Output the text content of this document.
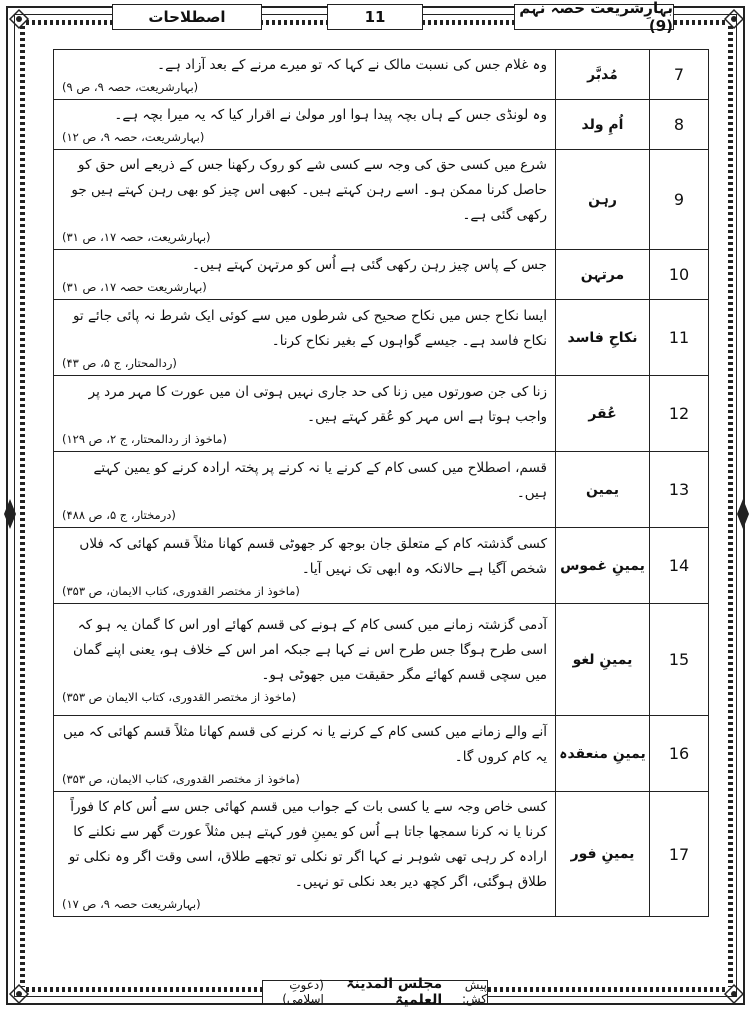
اصطلاحات	11	بہارِشریعت حصہ نہم (9)
وہ غلام جس کی نسبت مالک نے کہا کہ تو میرے مرنے کے بعد آزاد ہے۔
(بہارشریعت، حصہ ۹، ص ۹)	مُدبَّر	7

وہ لونڈی جس کے ہاں بچہ پیدا ہوا اور مولیٰ نے اقرار کیا کہ یہ میرا بچہ ہے۔
(بہارشریعت، حصہ ۹، ص ۱۲)	اُمِ ولد	8

شرع میں کسی حق کی وجہ سے کسی شے کو روک رکھنا جس کے ذریعے اس حق کو حاصل کرنا ممکن ہو۔ اسے رہن کہتے ہیں۔ کبھی اس چیز کو بھی رہن کہتے ہیں جو رکھی گئی ہے۔
(بہارشریعت، حصہ ۱۷، ص ۳۱)	رہن	9

جس کے پاس چیز رہن رکھی گئی ہے اُس کو مرتہن کہتے ہیں۔
(بہارشریعت حصہ ۱۷، ص ۳۱)	مرتہن	10

ایسا نکاح جس میں نکاح صحیح کی شرطوں میں سے کوئی ایک شرط نہ پائی جائے تو نکاح فاسد ہے۔ جیسے گواہوں کے بغیر نکاح کرنا۔
(ردالمحتار، ج ۵، ص ۴۳)	نکاحِ فاسد	11

زنا کی جن صورتوں میں زنا کی حد جاری نہیں ہوتی ان میں عورت کا مہر مرد پر واجب ہوتا ہے اس مہر کو عُقر کہتے ہیں۔
(ماخوذ از ردالمحتار، ج ۲، ص ۱۲۹)	عُقر	12

قسم، اصطلاح میں کسی کام کے کرنے یا نہ کرنے پر پختہ ارادہ کرنے کو یمین کہتے ہیں۔
(درمختار، ج ۵، ص ۴۸۸)	یمین	13

کسی گذشتہ کام کے متعلق جان بوجھ کر جھوٹی قسم کھانا مثلاً قسم کھائی کہ فلاں شخص آگیا ہے حالانکہ وہ ابھی تک نہیں آیا۔
(ماخوذ از مختصر القدوری، کتاب الایمان، ص ۳۵۳)	یمینِ غموس	14

آدمی گزشتہ زمانے میں کسی کام کے ہونے کی قسم کھائے اور اس کا گمان یہ ہو کہ اسی طرح ہوگا جس طرح اس نے کہا ہے جبکہ امر اس کے خلاف ہو، یعنی اپنے گمان میں سچی قسم کھائے مگر حقیقت میں جھوٹی ہو۔
(ماخوذ از مختصر القدوری، کتاب الایمان ص ۳۵۳)	یمینِ لغو	15

آنے والے زمانے میں کسی کام کے کرنے یا نہ کرنے کی قسم کھانا مثلاً قسم کھائی کہ میں یہ کام کروں گا۔
(ماخوذ از مختصر القدوری، کتاب الایمان، ص ۳۵۳)	یمینِ منعقدہ	16

کسی خاص وجہ سے یا کسی بات کے جواب میں قسم کھائی جس سے اُس کام کا فوراً کرنا یا نہ کرنا سمجھا جاتا ہے اُس کو یمینِ فور کہتے ہیں مثلاً عورت گھر سے نکلنے کا ارادہ کر رہی تھی شوہر نے کہا اگر تو نکلی تو تجھے طلاق، اسی وقت اگر وہ نکلی تو طلاق ہوگئی، اگر کچھ دیر بعد نکلی تو نہیں۔
(بہارشریعت حصہ ۹، ص ۱۷)	یمینِ فور	17
پیش کش:
مجلس المدینۃ العلمیۃ
(دعوتِ اسلامی)
